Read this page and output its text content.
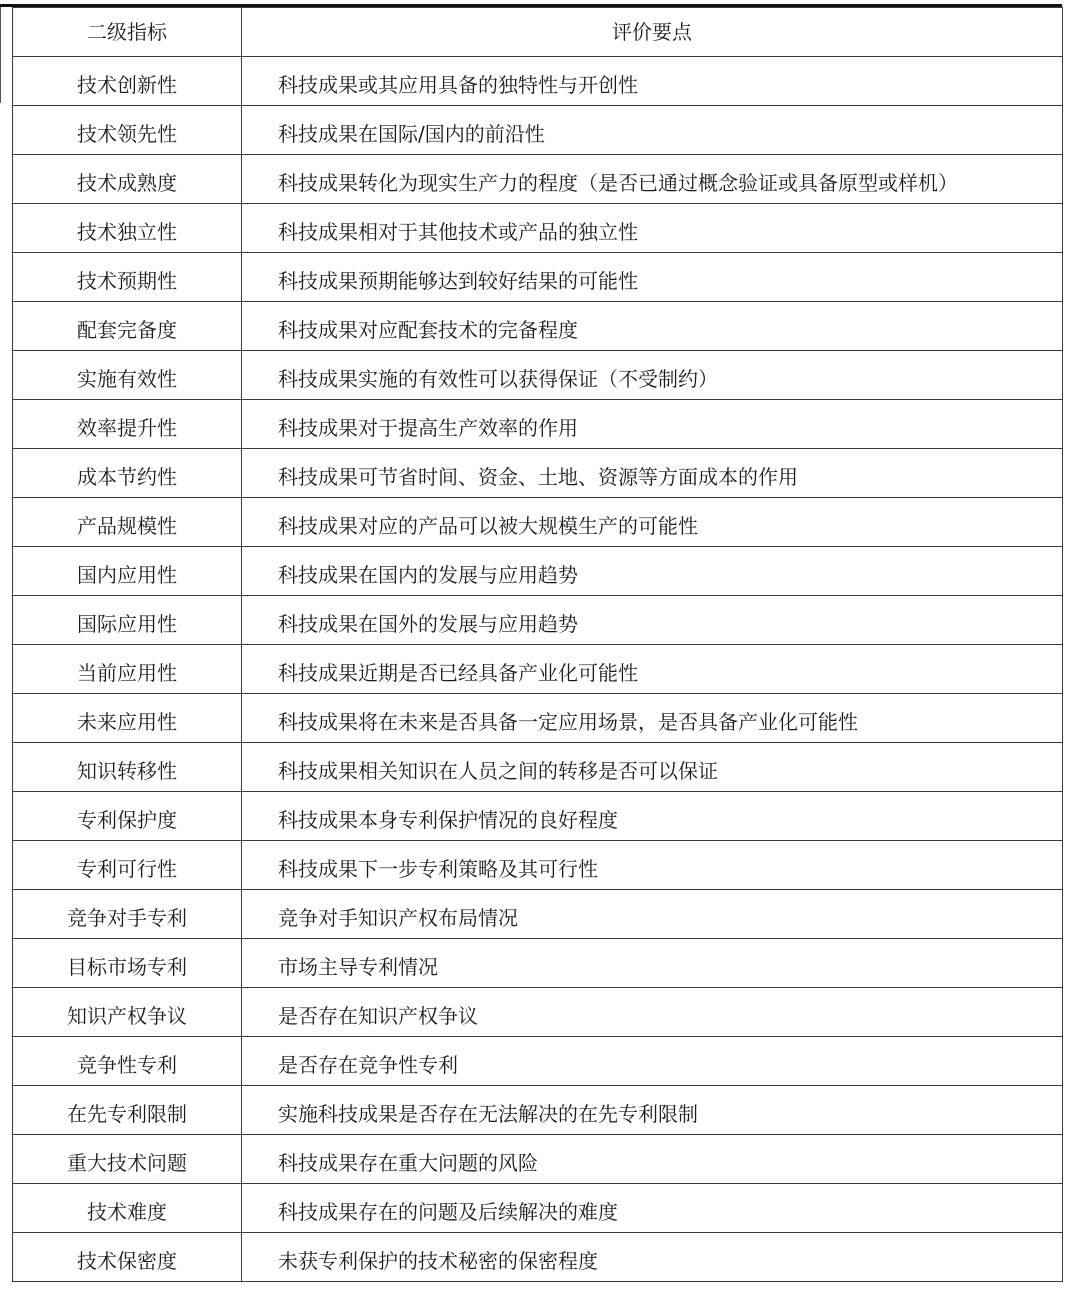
二级指标	评价要点
技术创新性	科技成果或其应用具备的独特性与开创性
技术领先性	科技成果在国际/国内的前沿性
技术成熟度	科技成果转化为现实生产力的程度（是否已通过概念验证或具备原型或样机）
技术独立性	科技成果相对于其他技术或产品的独立性
技术预期性	科技成果预期能够达到较好结果的可能性
配套完备度	科技成果对应配套技术的完备程度
实施有效性	科技成果实施的有效性可以获得保证（不受制约）
效率提升性	科技成果对于提高生产效率的作用
成本节约性	科技成果可节省时间、资金、土地、资源等方面成本的作用
产品规模性	科技成果对应的产品可以被大规模生产的可能性
国内应用性	科技成果在国内的发展与应用趋势
国际应用性	科技成果在国外的发展与应用趋势
当前应用性	科技成果近期是否已经具备产业化可能性
未来应用性	科技成果将在未来是否具备一定应用场景，是否具备产业化可能性
知识转移性	科技成果相关知识在人员之间的转移是否可以保证
专利保护度	科技成果本身专利保护情况的良好程度
专利可行性	科技成果下一步专利策略及其可行性
竞争对手专利	竞争对手知识产权布局情况
目标市场专利	市场主导专利情况
知识产权争议	是否存在知识产权争议
竞争性专利	是否存在竞争性专利
在先专利限制	实施科技成果是否存在无法解决的在先专利限制
重大技术问题	科技成果存在重大问题的风险
技术难度	科技成果存在的问题及后续解决的难度
技术保密度	未获专利保护的技术秘密的保密程度
